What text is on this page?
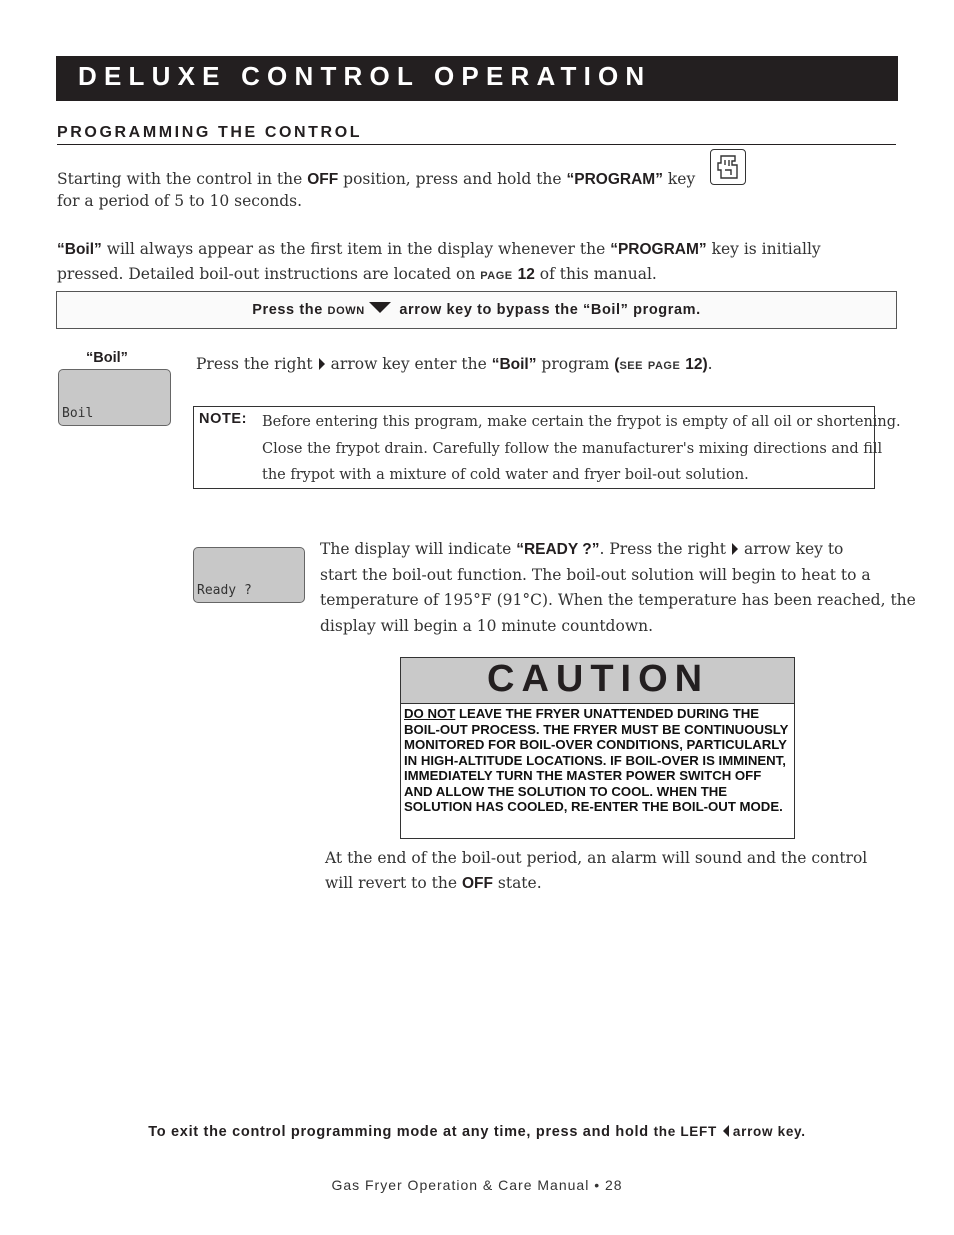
DELUXE CONTROL OPERATION
PROGRAMMING THE CONTROL
Starting with the control in the OFF position, press and hold the “PROGRAM” key
for a period of 5 to 10 seconds.
“Boil” will always appear as the first item in the display whenever the “PROGRAM” key is initially
pressed. Detailed boil-out instructions are located on PAGE 12 of this manual.
Press the DOWN arrow key to bypass the “Boil” program.
“Boil”
Boil
Press the right arrow key enter the “Boil” program (SEE PAGE 12).
NOTE: Before entering this program, make certain the frypot is empty of all oil or shortening.
Close the frypot drain. Carefully follow the manufacturer's mixing directions and fill
the frypot with a mixture of cold water and fryer boil-out solution.
Ready ?
The display will indicate “READY ?”. Press the right arrow key to
start the boil-out function. The boil-out solution will begin to heat to a
temperature of 195°F (91°C). When the temperature has been reached, the
display will begin a 10 minute countdown.
CAUTION
DO NOT LEAVE THE FRYER UNATTENDED DURING THE BOIL-OUT PROCESS. THE FRYER MUST BE CONTINUOUSLY MONITORED FOR BOIL-OVER CONDITIONS, PARTICULARLY IN HIGH-ALTITUDE LOCATIONS. IF BOIL-OVER IS IMMINENT, IMMEDIATELY TURN THE MASTER POWER SWITCH OFF AND ALLOW THE SOLUTION TO COOL. WHEN THE SOLUTION HAS COOLED, RE-ENTER THE BOIL-OUT MODE.
At the end of the boil-out period, an alarm will sound and the control
will revert to the OFF state.
To exit the control programming mode at any time, press and hold the LEFT arrow key.
Gas Fryer Operation & Care Manual • 28
